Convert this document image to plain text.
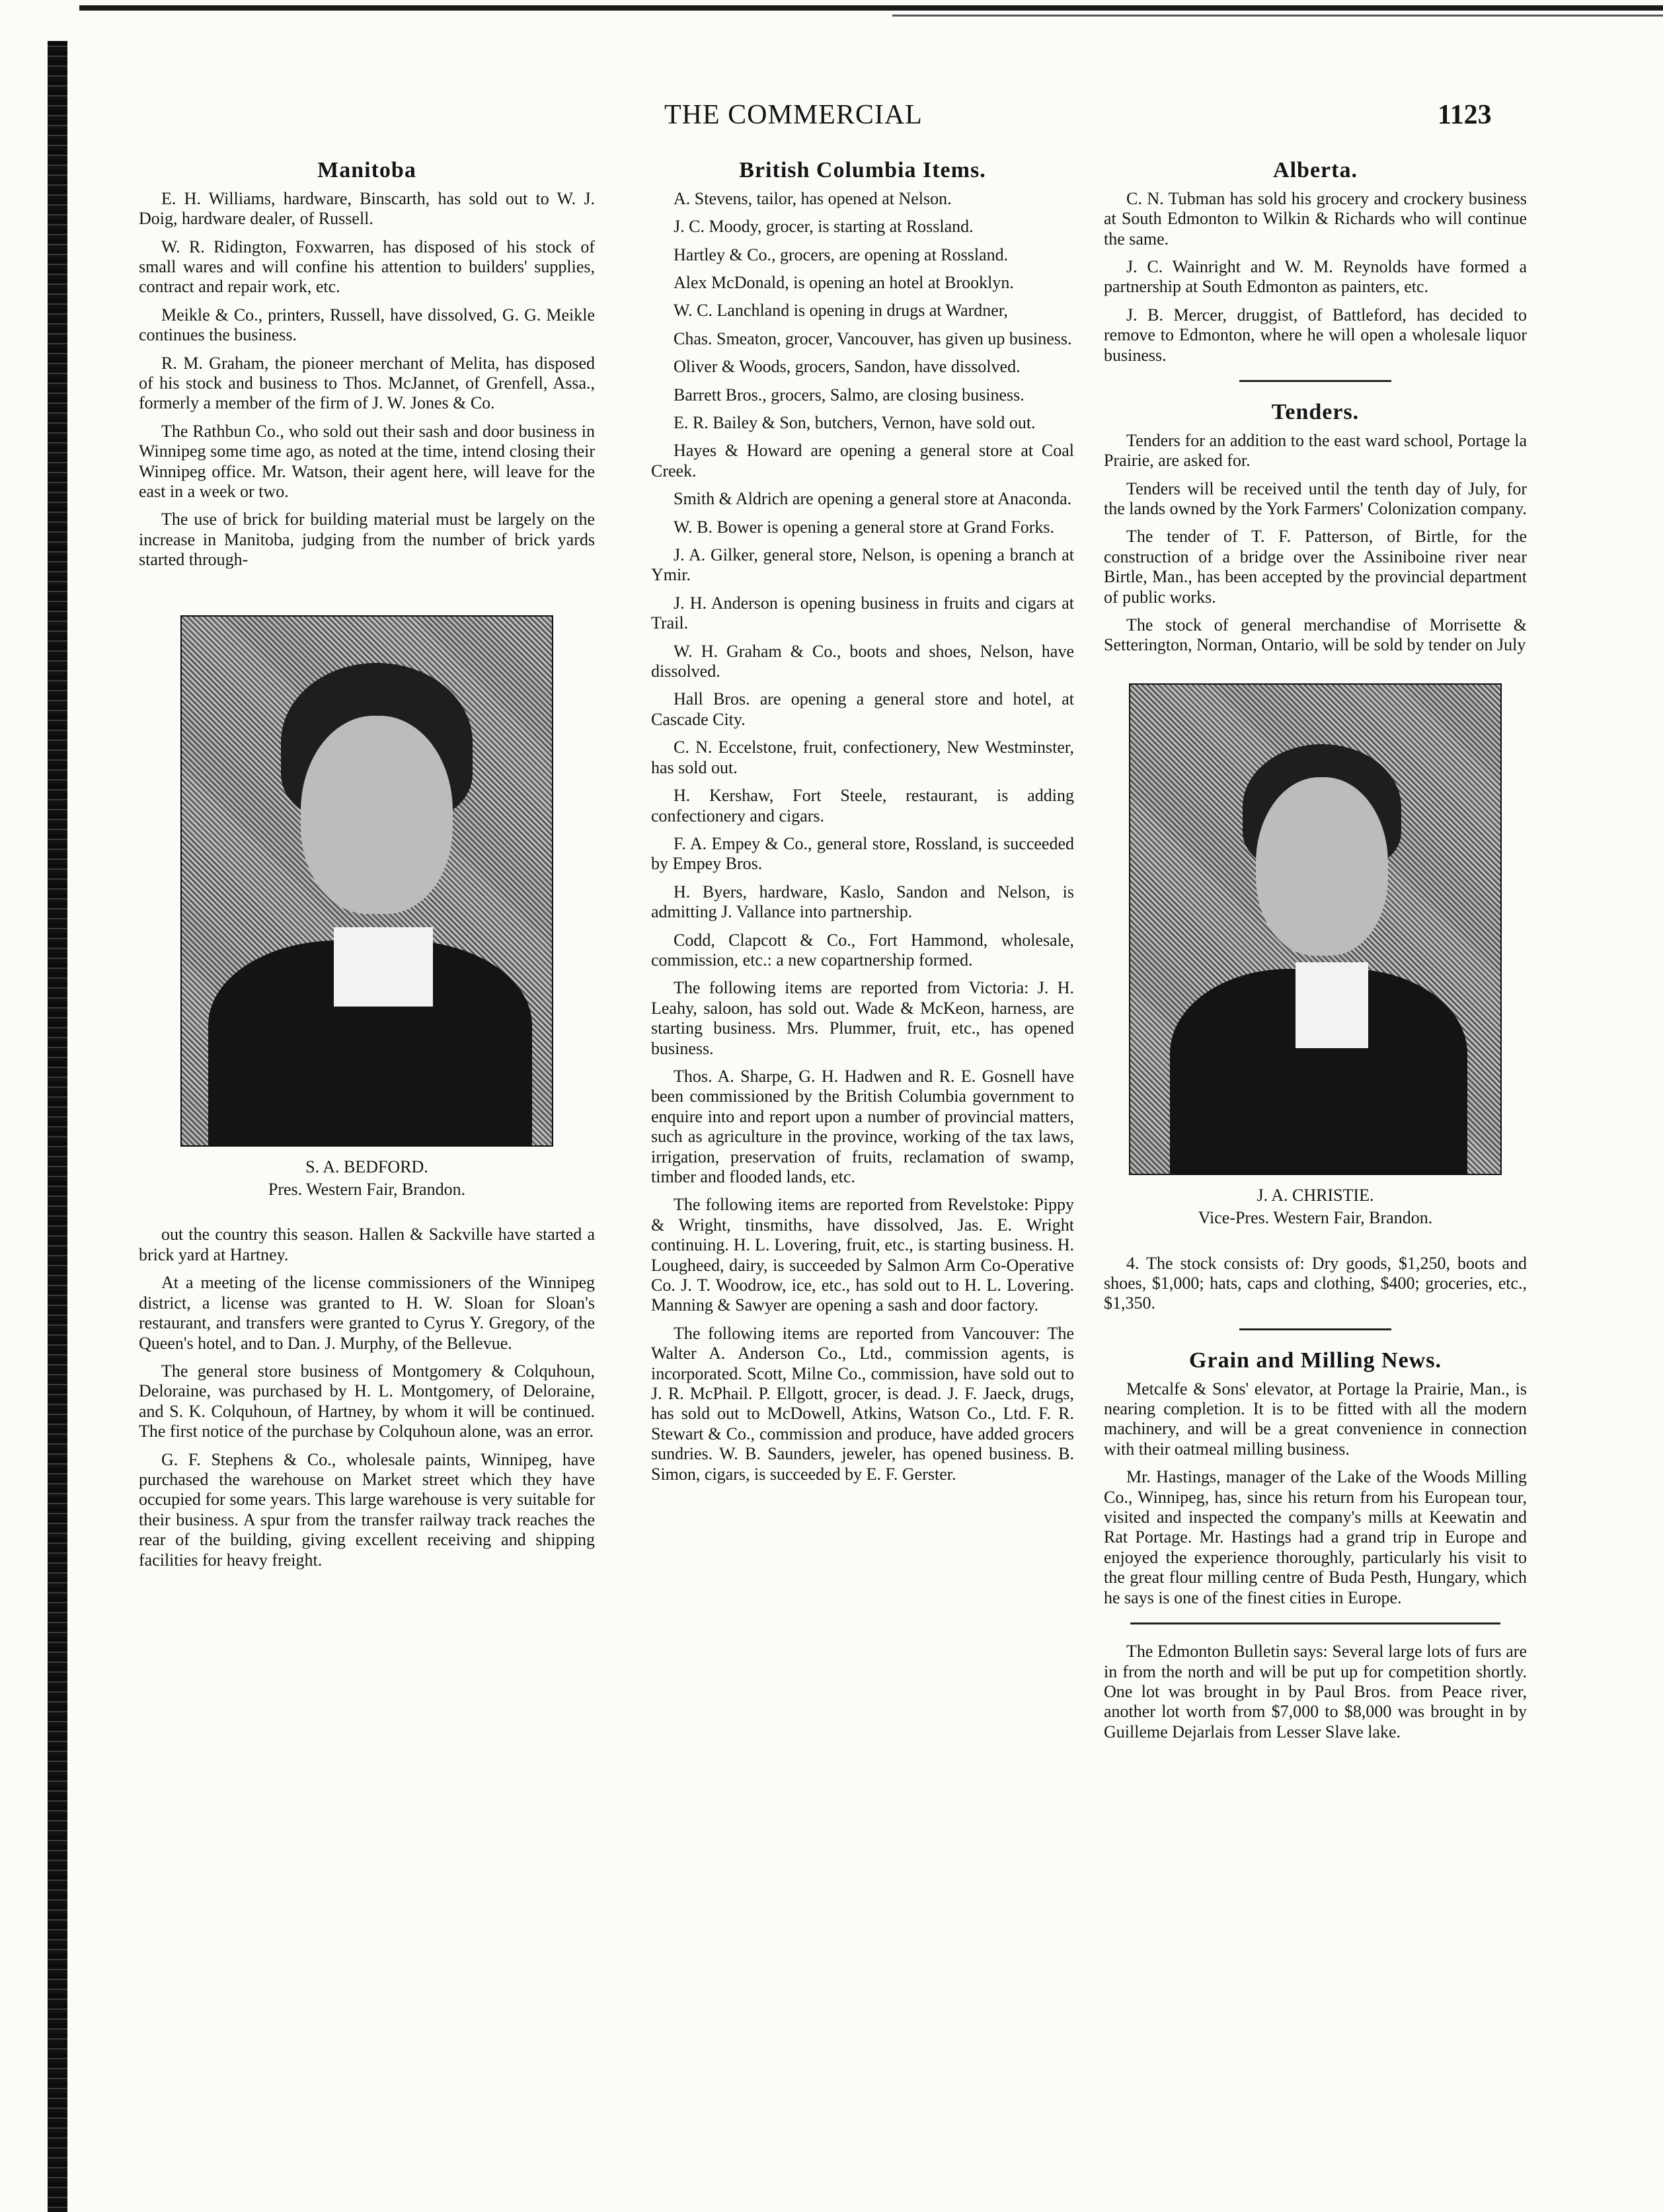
THE COMMERCIAL	1123
Manitoba

E. H. Williams, hardware, Binscarth, has sold out to W. J. Doig, hardware dealer, of Russell.

W. R. Ridington, Foxwarren, has disposed of his stock of small wares and will confine his attention to builders' supplies, contract and repair work, etc.

Meikle & Co., printers, Russell, have dissolved, G. G. Meikle continues the business.

R. M. Graham, the pioneer merchant of Melita, has disposed of his stock and business to Thos. McJannet, of Grenfell, Assa., formerly a member of the firm of J. W. Jones & Co.

The Rathbun Co., who sold out their sash and door business in Winnipeg some time ago, as noted at the time, intend closing their Winnipeg office. Mr. Watson, their agent here, will leave for the east in a week or two.

The use of brick for building material must be largely on the increase in Manitoba, judging from the number of brick yards started through-

S. A. BEDFORD.

Pres. Western Fair, Brandon.

out the country this season. Hallen & Sackville have started a brick yard at Hartney.

At a meeting of the license commissioners of the Winnipeg district, a license was granted to H. W. Sloan for Sloan's restaurant, and transfers were granted to Cyrus Y. Gregory, of the Queen's hotel, and to Dan. J. Murphy, of the Bellevue.

The general store business of Montgomery & Colquhoun, Deloraine, was purchased by H. L. Montgomery, of Deloraine, and S. K. Colquhoun, of Hartney, by whom it will be continued. The first notice of the purchase by Colquhoun alone, was an error.

G. F. Stephens & Co., wholesale paints, Winnipeg, have purchased the warehouse on Market street which they have occupied for some years. This large warehouse is very suitable for their business. A spur from the transfer railway track reaches the rear of the building, giving excellent receiving and shipping facilities for heavy freight.

British Columbia Items.

A. Stevens, tailor, has opened at Nelson.

J. C. Moody, grocer, is starting at Rossland.

Hartley & Co., grocers, are opening at Rossland.

Alex McDonald, is opening an hotel at Brooklyn.

W. C. Lanchland is opening in drugs at Wardner,

Chas. Smeaton, grocer, Vancouver, has given up business.

Oliver & Woods, grocers, Sandon, have dissolved.

Barrett Bros., grocers, Salmo, are closing business.

E. R. Bailey & Son, butchers, Vernon, have sold out.

Hayes & Howard are opening a general store at Coal Creek.

Smith & Aldrich are opening a general store at Anaconda.

W. B. Bower is opening a general store at Grand Forks.

J. A. Gilker, general store, Nelson, is opening a branch at Ymir.

J. H. Anderson is opening business in fruits and cigars at Trail.

W. H. Graham & Co., boots and shoes, Nelson, have dissolved.

Hall Bros. are opening a general store and hotel, at Cascade City.

C. N. Eccelstone, fruit, confectionery, New Westminster, has sold out.

H. Kershaw, Fort Steele, restaurant, is adding confectionery and cigars.

F. A. Empey & Co., general store, Rossland, is succeeded by Empey Bros.

H. Byers, hardware, Kaslo, Sandon and Nelson, is admitting J. Vallance into partnership.

Codd, Clapcott & Co., Fort Hammond, wholesale, commission, etc.: a new copartnership formed.

The following items are reported from Victoria: J. H. Leahy, saloon, has sold out. Wade & McKeon, harness, are starting business. Mrs. Plummer, fruit, etc., has opened business.

Thos. A. Sharpe, G. H. Hadwen and R. E. Gosnell have been commissioned by the British Columbia government to enquire into and report upon a number of provincial matters, such as agriculture in the province, working of the tax laws, irrigation, preservation of fruits, reclamation of swamp, timber and flooded lands, etc.

The following items are reported from Revelstoke: Pippy & Wright, tinsmiths, have dissolved, Jas. E. Wright continuing. H. L. Lovering, fruit, etc., is starting business. H. Lougheed, dairy, is succeeded by Salmon Arm Co-Operative Co. J. T. Woodrow, ice, etc., has sold out to H. L. Lovering. Manning & Sawyer are opening a sash and door factory.

The following items are reported from Vancouver: The Walter A. Anderson Co., Ltd., commission agents, is incorporated. Scott, Milne Co., commission, have sold out to J. R. McPhail. P. Ellgott, grocer, is dead. J. F. Jaeck, drugs, has sold out to McDowell, Atkins, Watson Co., Ltd. F. R. Stewart & Co., commission and produce, have added grocers sundries. W. B. Saunders, jeweler, has opened business. B. Simon, cigars, is succeeded by E. F. Gerster.

Alberta.

C. N. Tubman has sold his grocery and crockery business at South Edmonton to Wilkin & Richards who will continue the same.

J. C. Wainright and W. M. Reynolds have formed a partnership at South Edmonton as painters, etc.

J. B. Mercer, druggist, of Battleford, has decided to remove to Edmonton, where he will open a wholesale liquor business.

Tenders.

Tenders for an addition to the east ward school, Portage la Prairie, are asked for.

Tenders will be received until the tenth day of July, for the lands owned by the York Farmers' Colonization company.

The tender of T. F. Patterson, of Birtle, for the construction of a bridge over the Assiniboine river near Birtle, Man., has been accepted by the provincial department of public works.

The stock of general merchandise of Morrisette & Setterington, Norman, Ontario, will be sold by tender on July

J. A. CHRISTIE.

Vice-Pres. Western Fair, Brandon.

4. The stock consists of: Dry goods, $1,250, boots and shoes, $1,000; hats, caps and clothing, $400; groceries, etc., $1,350.

Grain and Milling News.

Metcalfe & Sons' elevator, at Portage la Prairie, Man., is nearing completion. It is to be fitted with all the modern machinery, and will be a great convenience in connection with their oatmeal milling business.

Mr. Hastings, manager of the Lake of the Woods Milling Co., Winnipeg, has, since his return from his European tour, visited and inspected the company's mills at Keewatin and Rat Portage. Mr. Hastings had a grand trip in Europe and enjoyed the experience thoroughly, particularly his visit to the great flour milling centre of Buda Pesth, Hungary, which he says is one of the finest cities in Europe.

The Edmonton Bulletin says: Several large lots of furs are in from the north and will be put up for competition shortly. One lot was brought in by Paul Bros. from Peace river, another lot worth from $7,000 to $8,000 was brought in by Guilleme Dejarlais from Lesser Slave lake.
